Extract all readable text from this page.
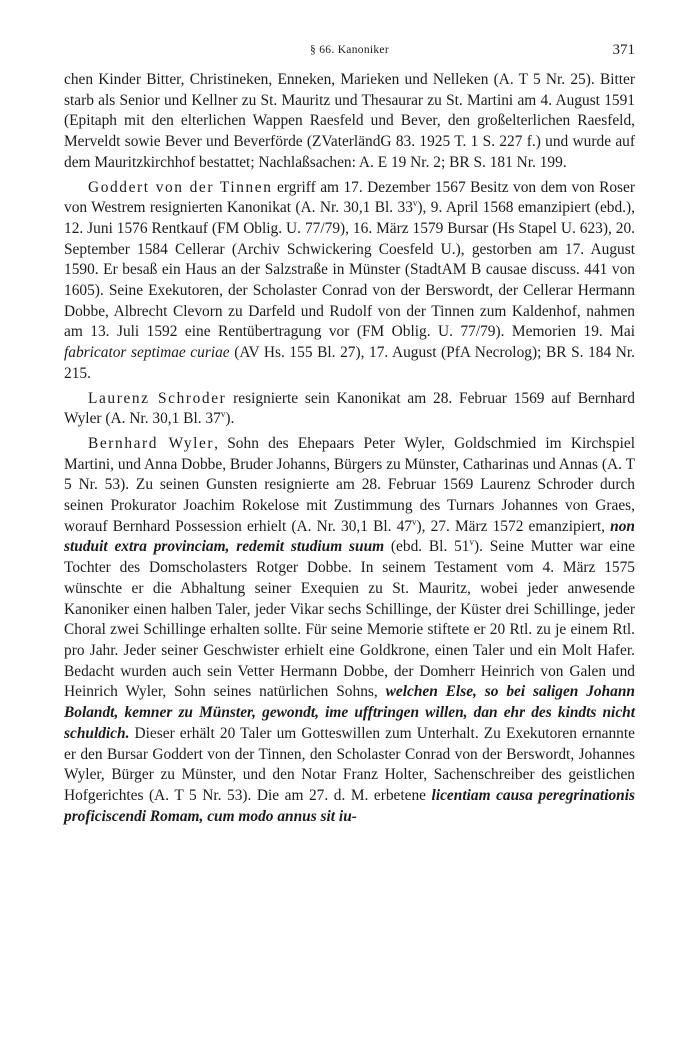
§ 66. Kanoniker	371

chen Kinder Bitter, Christineken, Enneken, Marieken und Nelleken (A. T 5 Nr. 25). Bitter starb als Senior und Kellner zu St. Mauritz und Thesaurar zu St. Martini am 4. August 1591 (Epitaph mit den elterlichen Wappen Raesfeld und Bever, den großelterlichen Raesfeld, Merveldt sowie Bever und Beverförde (ZVaterländG 83. 1925 T. 1 S. 227 f.) und wurde auf dem Mauritzkirchhof bestattet; Nachlaßsachen: A. E 19 Nr. 2; BR S. 181 Nr. 199.

Goddert von der Tinnen ergriff am 17. Dezember 1567 Besitz von dem von Roser von Westrem resignierten Kanonikat (A. Nr. 30,1 Bl. 33$^v$), 9. April 1568 emanzipiert (ebd.), 12. Juni 1576 Rentkauf (FM Oblig. U. 77/79), 16. März 1579 Bursar (Hs Stapel U. 623), 20. September 1584 Cellerar (Archiv Schwickering Coesfeld U.), gestorben am 17. August 1590. Er besaß ein Haus an der Salzstraße in Münster (StadtAM B causae discuss. 441 von 1605). Seine Exekutoren, der Scholaster Conrad von der Berswordt, der Cellerar Hermann Dobbe, Albrecht Clevorn zu Darfeld und Rudolf von der Tinnen zum Kaldenhof, nahmen am 13. Juli 1592 eine Rentübertragung vor (FM Oblig. U. 77/79). Memorien 19. Mai fabricator septimae curiae (AV Hs. 155 Bl. 27), 17. August (PfA Necrolog); BR S. 184 Nr. 215.

Laurenz Schroder resignierte sein Kanonikat am 28. Februar 1569 auf Bernhard Wyler (A. Nr. 30,1 Bl. 37$^v$).

Bernhard Wyler, Sohn des Ehepaars Peter Wyler, Goldschmied im Kirchspiel Martini, und Anna Dobbe, Bruder Johanns, Bürgers zu Münster, Catharinas und Annas (A. T 5 Nr. 53). Zu seinen Gunsten resignierte am 28. Februar 1569 Laurenz Schroder durch seinen Prokurator Joachim Rokelose mit Zustimmung des Turnars Johannes von Graes, worauf Bernhard Possession erhielt (A. Nr. 30,1 Bl. 47$^v$), 27. März 1572 emanzipiert, non studuit extra provinciam, redemit studium suum (ebd. Bl. 51$^v$). Seine Mutter war eine Tochter des Domscholasters Rotger Dobbe. In seinem Testament vom 4. März 1575 wünschte er die Abhaltung seiner Exequien zu St. Mauritz, wobei jeder anwesende Kanoniker einen halben Taler, jeder Vikar sechs Schillinge, der Küster drei Schillinge, jeder Choral zwei Schillinge erhalten sollte. Für seine Memorie stiftete er 20 Rtl. zu je einem Rtl. pro Jahr. Jeder seiner Geschwister erhielt eine Goldkrone, einen Taler und ein Molt Hafer. Bedacht wurden auch sein Vetter Hermann Dobbe, der Domherr Heinrich von Galen und Heinrich Wyler, Sohn seines natürlichen Sohns, welchen Else, so bei saligen Johann Bolandt, kemner zu Münster, gewondt, ime ufftringen willen, dan ehr des kindts nicht schuldich. Dieser erhält 20 Taler um Gotteswillen zum Unterhalt. Zu Exekutoren ernannte er den Bursar Goddert von der Tinnen, den Scholaster Conrad von der Berswordt, Johannes Wyler, Bürger zu Münster, und den Notar Franz Holter, Sachenschreiber des geistlichen Hofgerichtes (A. T 5 Nr. 53). Die am 27. d. M. erbetene licentiam causa peregrinationis proficiscendi Romam, cum modo annus sit iu-
